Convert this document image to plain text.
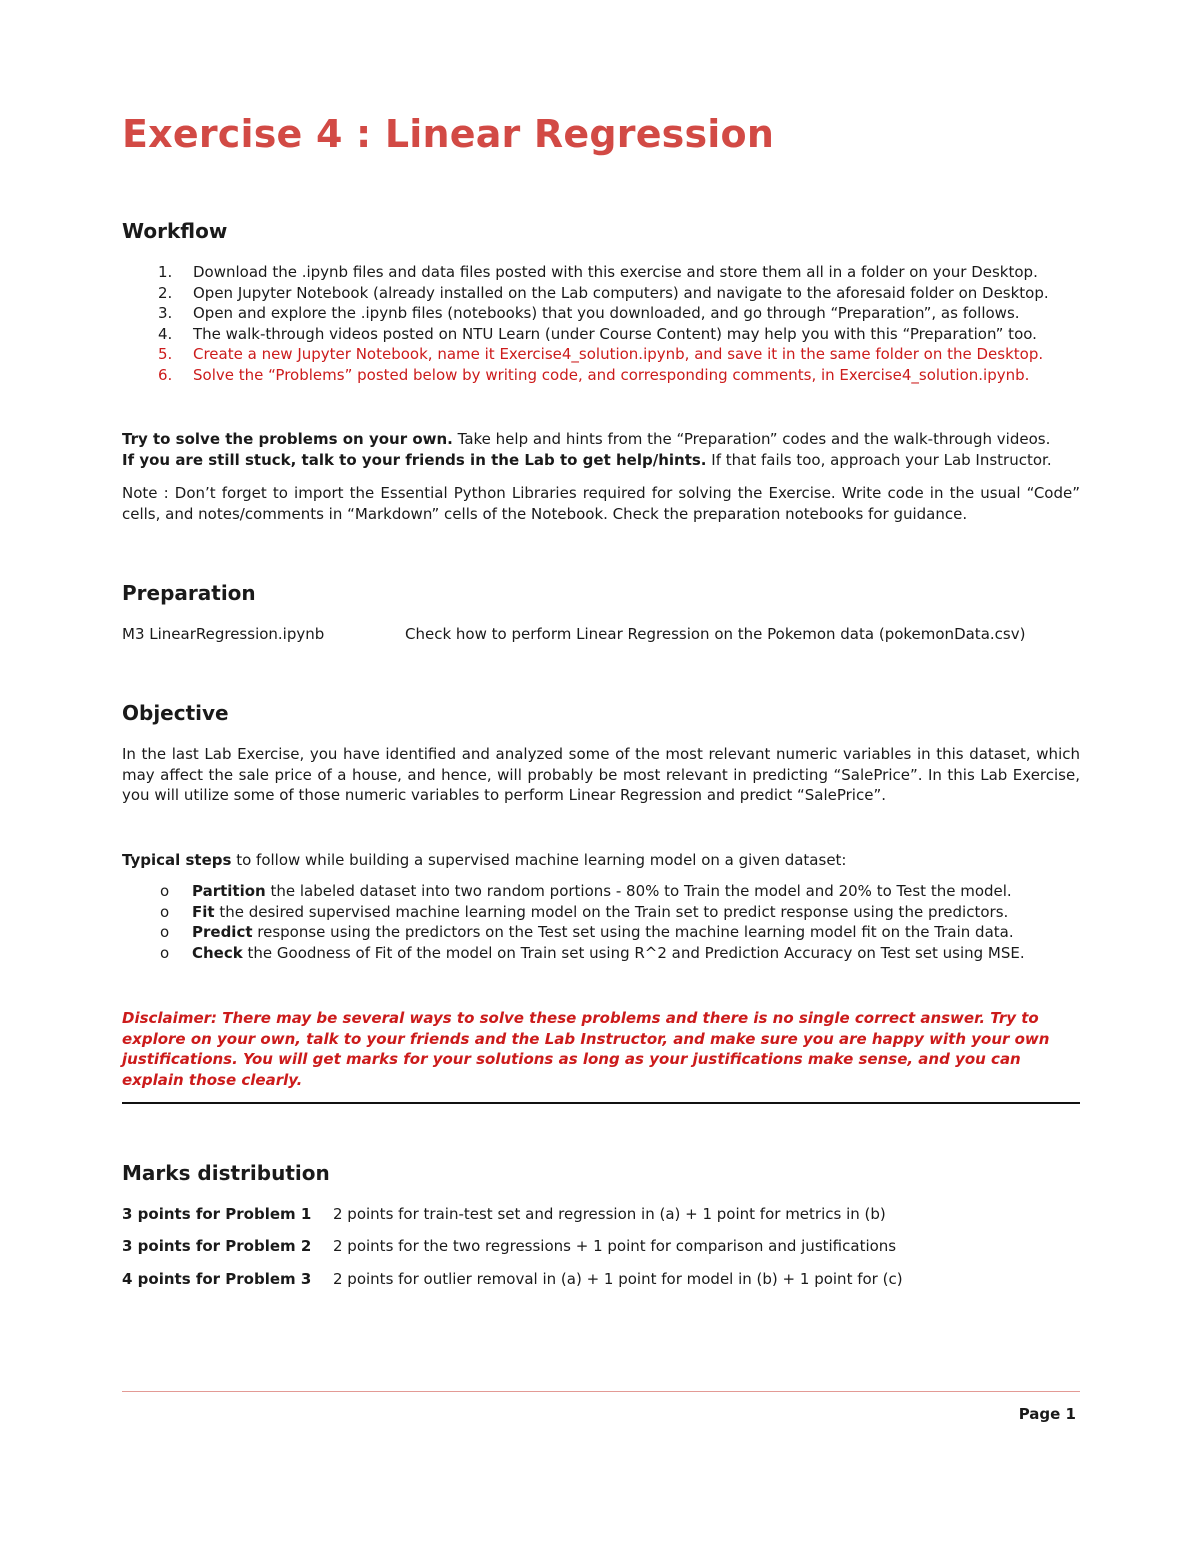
Exercise 4 : Linear Regression
Workflow
1. Download the .ipynb files and data files posted with this exercise and store them all in a folder on your Desktop.
2. Open Jupyter Notebook (already installed on the Lab computers) and navigate to the aforesaid folder on Desktop.
3. Open and explore the .ipynb files (notebooks) that you downloaded, and go through “Preparation”, as follows.
4. The walk-through videos posted on NTU Learn (under Course Content) may help you with this “Preparation” too.
5. Create a new Jupyter Notebook, name it Exercise4_solution.ipynb, and save it in the same folder on the Desktop.
6. Solve the “Problems” posted below by writing code, and corresponding comments, in Exercise4_solution.ipynb.

Try to solve the problems on your own. Take help and hints from the “Preparation” codes and the walk-through videos.
If you are still stuck, talk to your friends in the Lab to get help/hints. If that fails too, approach your Lab Instructor.

Note : Don’t forget to import the Essential Python Libraries required for solving the Exercise. Write code in the usual “Code” cells, and notes/comments in “Markdown” cells of the Notebook. Check the preparation notebooks for guidance.

Preparation
M3 LinearRegression.ipynb	Check how to perform Linear Regression on the Pokemon data (pokemonData.csv)
Objective

In the last Lab Exercise, you have identified and analyzed some of the most relevant numeric variables in this dataset, which may affect the sale price of a house, and hence, will probably be most relevant in predicting “SalePrice”. In this Lab Exercise, you will utilize some of those numeric variables to perform Linear Regression and predict “SalePrice”.

Typical steps to follow while building a supervised machine learning model on a given dataset:

o Partition the labeled dataset into two random portions - 80% to Train the model and 20% to Test the model.
o Fit the desired supervised machine learning model on the Train set to predict response using the predictors.
o Predict response using the predictors on the Test set using the machine learning model fit on the Train data.
o Check the Goodness of Fit of the model on Train set using R^2 and Prediction Accuracy on Test set using MSE.

Disclaimer: There may be several ways to solve these problems and there is no single correct answer. Try to explore on your own, talk to your friends and the Lab Instructor, and make sure you are happy with your own justifications. You will get marks for your solutions as long as your justifications make sense, and you can explain those clearly.

Marks distribution
3 points for Problem 1 2 points for train-test set and regression in (a) + 1 point for metrics in (b)
3 points for Problem 2 2 points for the two regressions + 1 point for comparison and justifications
4 points for Problem 3 2 points for outlier removal in (a) + 1 point for model in (b) + 1 point for (c)
Page 1
